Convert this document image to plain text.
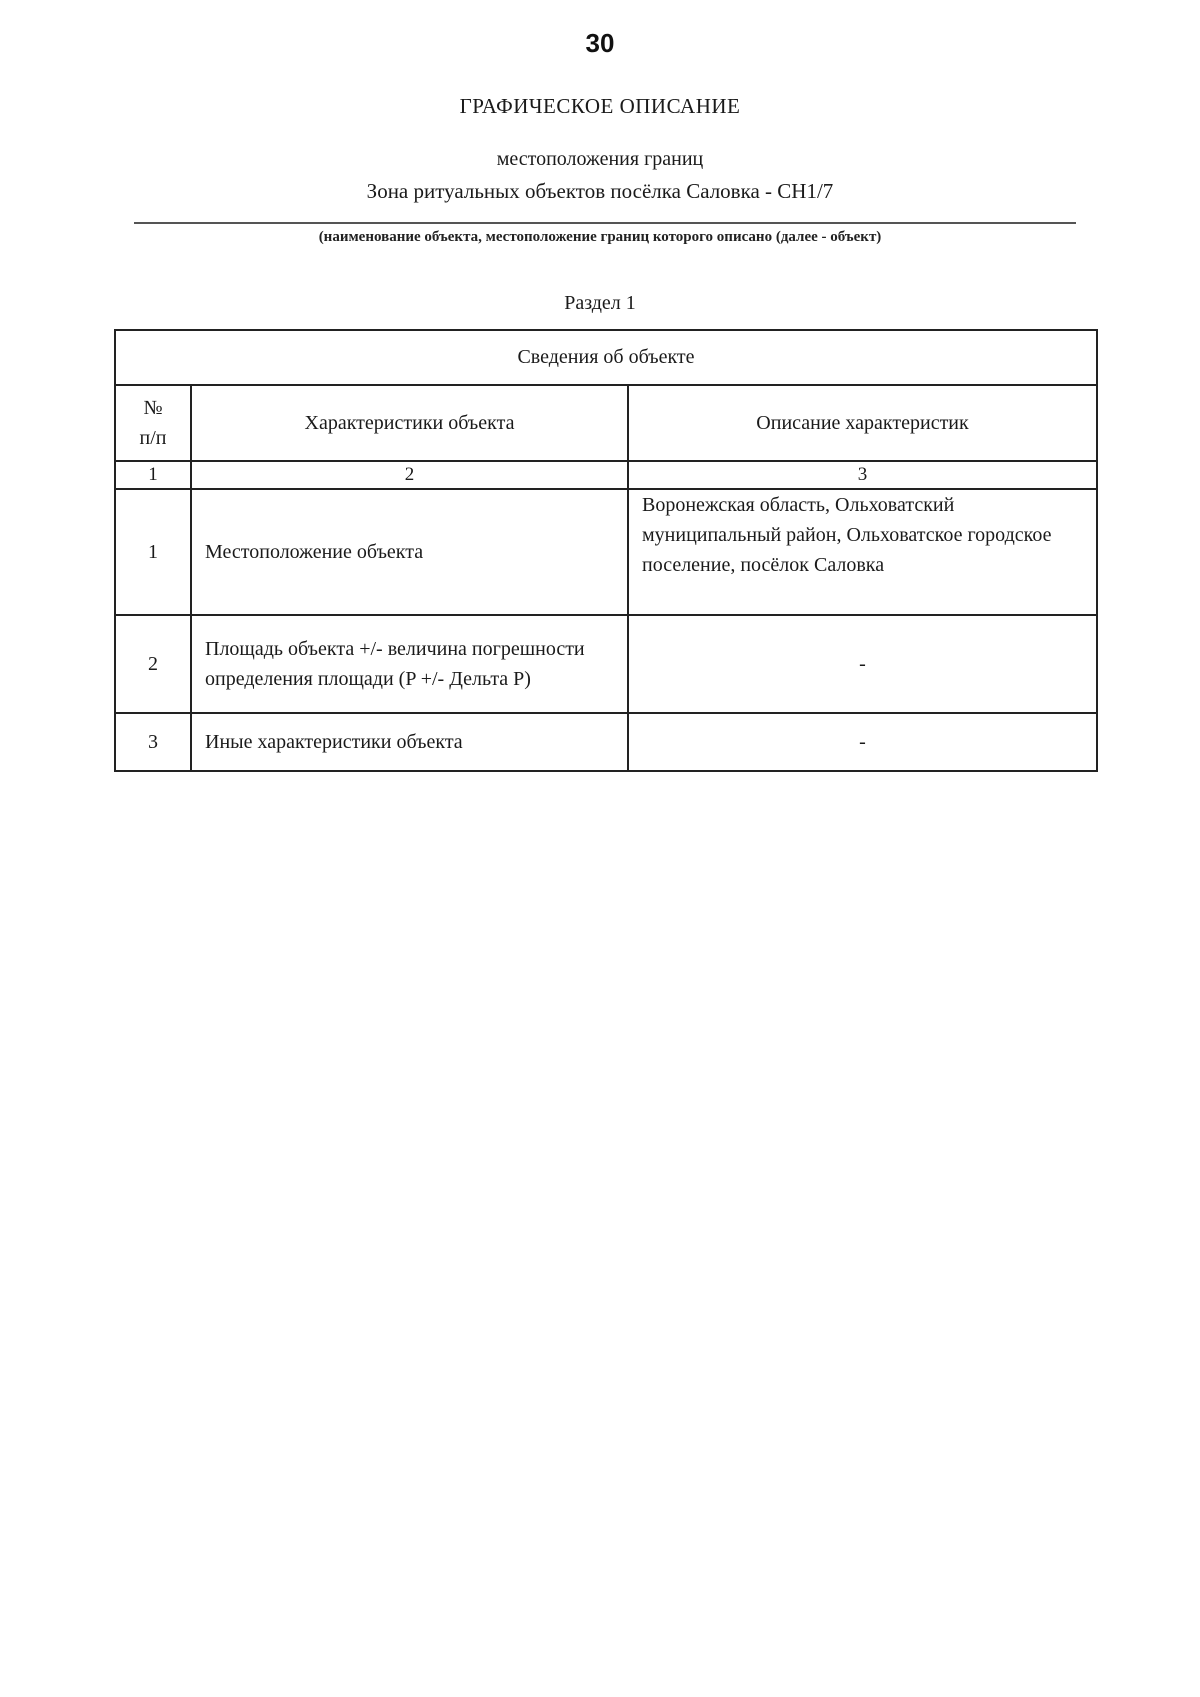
30
ГРАФИЧЕСКОЕ ОПИСАНИЕ
местоположения границ
Зона ритуальных объектов посёлка Саловка - СН1/7
(наименование объекта, местоположение границ которого описано (далее - объект)
Раздел 1
Сведения об объекте		

№
п/п	Характеристики объекта	Описание характеристик
1	2	3
1	Местоположение объекта	Воронежская область, Ольховатский муниципальный район, Ольховатское городское поселение, посёлок Саловка
2	Площадь объекта +/- величина погрешности определения площади (P +/- Дельта P)	-
3	Иные характеристики объекта	-
